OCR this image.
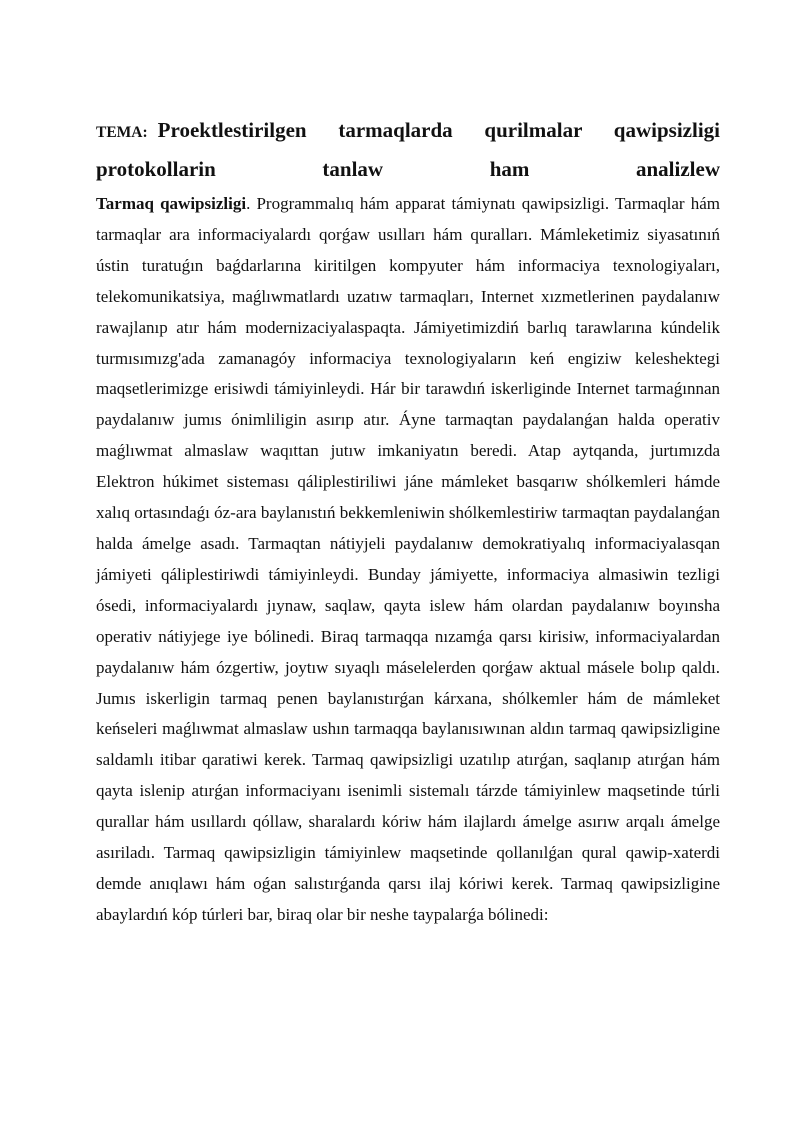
TEMA: Proektlestirilgen tarmaqlarda qurilmalar qawipsizligi protokollarin tanlaw ham analizlew

Tarmaq qawipsizligi. Programmalıq hám apparat támiynatı qawipsizligi. Tarmaqlar hám tarmaqlar ara informaciyalardı qorǵaw usılları hám quralları. Mámleketimiz siyasatınıń ústin turatuǵın baǵdarlarına kiritilgen kompyuter hám informaciya texnologiyaları, telekomunikatsiya, maǵlıwmatlardı uzatıw tarmaqları, Internet xızmetlerinen paydalanıw rawajlanıp atır hám modernizaciyalaspaqta. Jámiyetimizdiń barlıq tarawlarına kúndelik turmısımızg'ada zamanagóy informaciya texnologiyaların keń engiziw keleshektegi maqsetlerimizge erisiwdi támiyinleydi. Hár bir tarawdıń iskerliginde Internet tarmaǵınnan paydalanıw jumıs ónimliligin asırıp atır. Áyne tarmaqtan paydalanǵan halda operativ maǵlıwmat almaslaw waqıttan jutıw imkaniyatın beredi. Atap aytqanda, jurtımızda Elektron húkimet sisteması qáliplestiriliwi jáne mámleket basqarıw shólkemleri hámde xalıq ortasındaǵı óz-ara baylanıstıń bekkemleniwin shólkemlestiriw tarmaqtan paydalanǵan halda ámelge asadı. Tarmaqtan nátiyjeli paydalanıw demokratiyalıq informaciyalasqan jámiyeti qáliplestiriwdi támiyinleydi. Bunday jámiyette, informaciya almasiwin tezligi ósedi, informaciyalardı jıynaw, saqlaw, qayta islew hám olardan paydalanıw boyınsha operativ nátiyjege iye bólinedi. Biraq tarmaqqa nızamǵa qarsı kirisiw, informaciyalardan paydalanıw hám ózgertiw, joytıw sıyaqlı máselelerden qorǵaw aktual másele bolıp qaldı. Jumıs iskerligin tarmaq penen baylanıstırǵan kárxana, shólkemler hám de mámleket keńseleri maǵlıwmat almaslaw ushın tarmaqqa baylanısıwınan aldın tarmaq qawipsizligine saldamlı itibar qaratiwi kerek. Tarmaq qawipsizligi uzatılıp atırǵan, saqlanıp atırǵan hám qayta islenip atırǵan informaciyanı isenimli sistemalı tárzde támiyinlew maqsetinde túrli qurallar hám usıllardı qóllaw, sharalardı kóriw hám ilajlardı ámelge asırıw arqalı ámelge asıriladı. Tarmaq qawipsizligin támiyinlew maqsetinde qollanılǵan qural qawip-xaterdi demde anıqlawı hám oǵan salıstırǵanda qarsı ilaj kóriwi kerek. Tarmaq qawipsizligine abaylardıń kóp túrleri bar, biraq olar bir neshe taypalarǵa bólinedi:
